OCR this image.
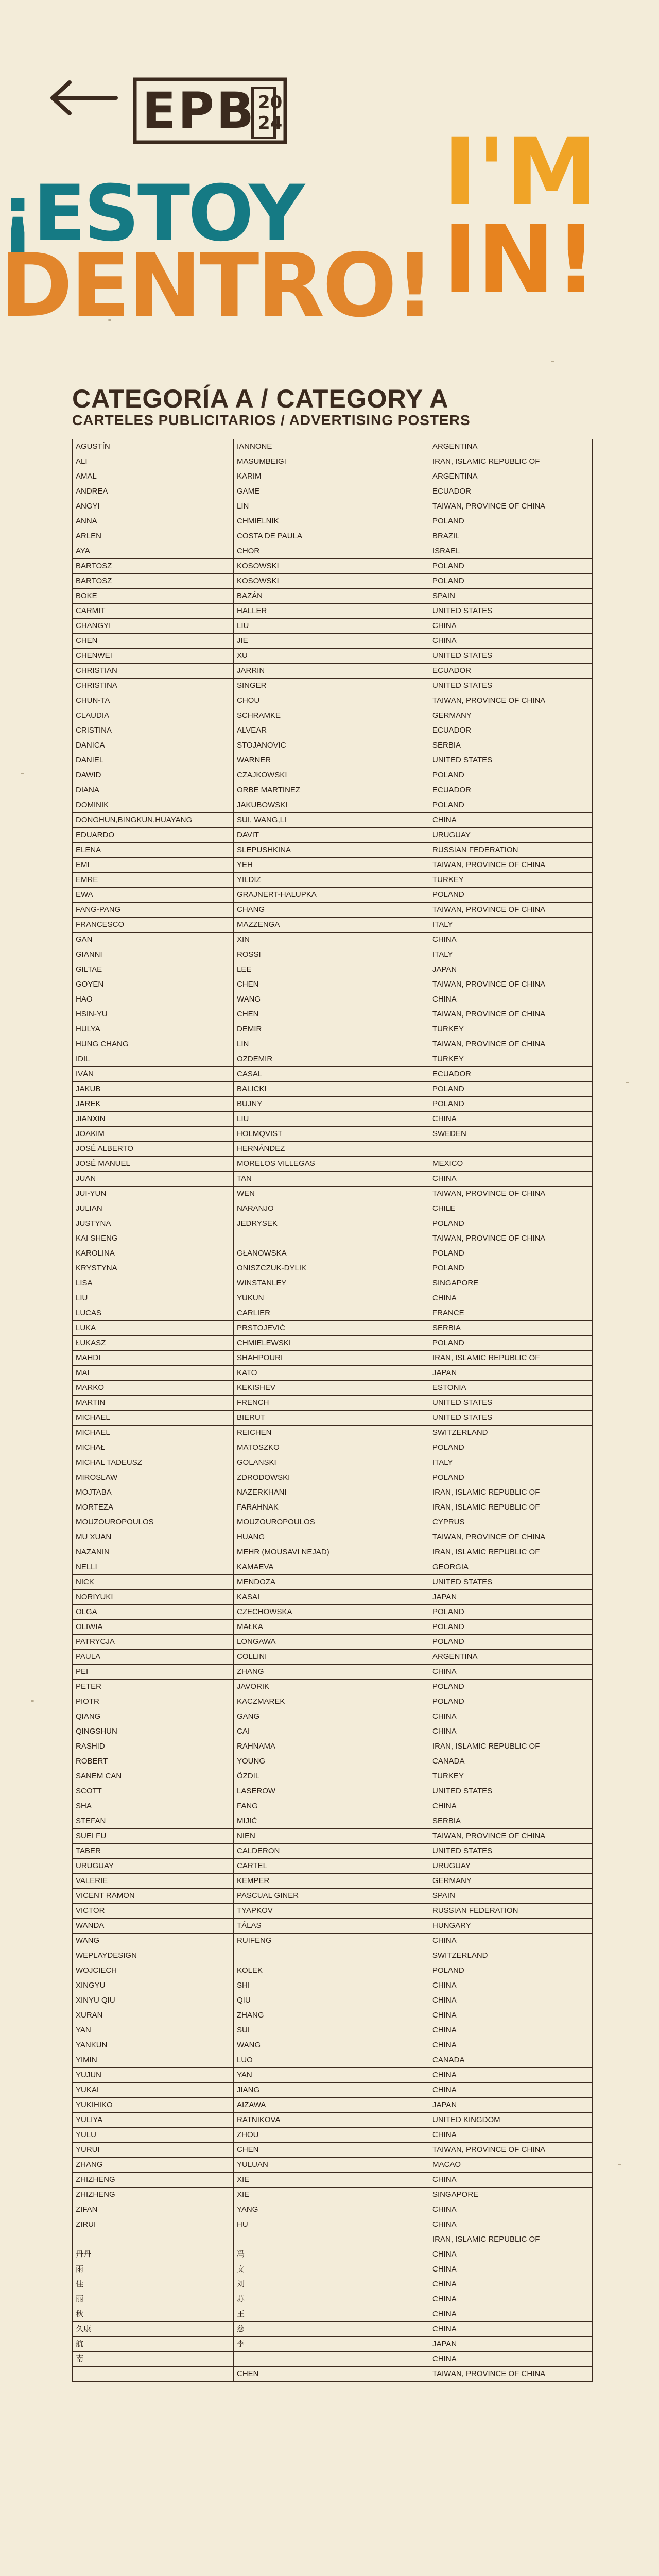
EPB 20
24
¡ESTOY
DENTRO!
I'M
IN!
CATEGORÍA A / CATEGORY A
CARTELES PUBLICITARIOS / ADVERTISING POSTERS
AGUSTÍN	IANNONE	ARGENTINA
ALI	MASUMBEIGI	IRAN, ISLAMIC REPUBLIC OF
AMAL	KARIM	ARGENTINA
ANDREA	GAME	ECUADOR
ANGYI	LIN	TAIWAN, PROVINCE OF CHINA
ANNA	CHMIELNIK	POLAND
ARLEN	COSTA DE PAULA	BRAZIL
AYA	CHOR	ISRAEL
BARTOSZ	KOSOWSKI	POLAND
BARTOSZ	KOSOWSKI	POLAND
BOKE	BAZÁN	SPAIN
CARMIT	HALLER	UNITED STATES
CHANGYI	LIU	CHINA
CHEN	JIE	CHINA
CHENWEI	XU	UNITED STATES
CHRISTIAN	JARRIN	ECUADOR
CHRISTINA	SINGER	UNITED STATES
CHUN-TA	CHOU	TAIWAN, PROVINCE OF CHINA
CLAUDIA	SCHRAMKE	GERMANY
CRISTINA	ALVEAR	ECUADOR
DANICA	STOJANOVIC	SERBIA
DANIEL	WARNER	UNITED STATES
DAWID	CZAJKOWSKI	POLAND
DIANA	ORBE MARTINEZ	ECUADOR
DOMINIK	JAKUBOWSKI	POLAND
DONGHUN,BINGKUN,HUAYANG	SUI, WANG,LI	CHINA
EDUARDO	DAVIT	URUGUAY
ELENA	SLEPUSHKINA	RUSSIAN FEDERATION
EMI	YEH	TAIWAN, PROVINCE OF CHINA
EMRE	YILDIZ	TURKEY
EWA	GRAJNERT-HALUPKA	POLAND
FANG-PANG	CHANG	TAIWAN, PROVINCE OF CHINA
FRANCESCO	MAZZENGA	ITALY
GAN	XIN	CHINA
GIANNI	ROSSI	ITALY
GILTAE	LEE	JAPAN
GOYEN	CHEN	TAIWAN, PROVINCE OF CHINA
HAO	WANG	CHINA
HSIN-YU	CHEN	TAIWAN, PROVINCE OF CHINA
HULYA	DEMIR	TURKEY
HUNG CHANG	LIN	TAIWAN, PROVINCE OF CHINA
IDIL	OZDEMIR	TURKEY
IVÁN	CASAL	ECUADOR
JAKUB	BALICKI	POLAND
JAREK	BUJNY	POLAND
JIANXIN	LIU	CHINA
JOAKIM	HOLMQVIST	SWEDEN
JOSÉ ALBERTO	HERNÁNDEZ	
JOSÉ MANUEL	MORELOS VILLEGAS	MEXICO
JUAN	TAN	CHINA
JUI-YUN	WEN	TAIWAN, PROVINCE OF CHINA
JULIAN	NARANJO	CHILE
JUSTYNA	JEDRYSEK	POLAND
KAI SHENG		TAIWAN, PROVINCE OF CHINA
KAROLINA	GŁANOWSKA	POLAND
KRYSTYNA	ONISZCZUK-DYLIK	POLAND
LISA	WINSTANLEY	SINGAPORE
LIU	YUKUN	CHINA
LUCAS	CARLIER	FRANCE
LUKA	PRSTOJEVIĆ	SERBIA
ŁUKASZ	CHMIELEWSKI	POLAND
MAHDI	SHAHPOURI	IRAN, ISLAMIC REPUBLIC OF
MAI	KATO	JAPAN
MARKO	KEKISHEV	ESTONIA
MARTIN	FRENCH	UNITED STATES
MICHAEL	BIERUT	UNITED STATES
MICHAEL	REICHEN	SWITZERLAND
MICHAŁ	MATOSZKO	POLAND
MICHAL TADEUSZ	GOLANSKI	ITALY
MIROSLAW	ZDRODOWSKI	POLAND
MOJTABA	NAZERKHANI	IRAN, ISLAMIC REPUBLIC OF
MORTEZA	FARAHNAK	IRAN, ISLAMIC REPUBLIC OF
MOUZOUROPOULOS	MOUZOUROPOULOS	CYPRUS
MU XUAN	HUANG	TAIWAN, PROVINCE OF CHINA
NAZANIN	MEHR (MOUSAVI NEJAD)	IRAN, ISLAMIC REPUBLIC OF
NELLI	KAMAEVA	GEORGIA
NICK	MENDOZA	UNITED STATES
NORIYUKI	KASAI	JAPAN
OLGA	CZECHOWSKA	POLAND
OLIWIA	MAŁKA	POLAND
PATRYCJA	LONGAWA	POLAND
PAULA	COLLINI	ARGENTINA
PEI	ZHANG	CHINA
PETER	JAVORIK	POLAND
PIOTR	KACZMAREK	POLAND
QIANG	GANG	CHINA
QINGSHUN	CAI	CHINA
RASHID	RAHNAMA	IRAN, ISLAMIC REPUBLIC OF
ROBERT	YOUNG	CANADA
SANEM CAN	ÖZDIL	TURKEY
SCOTT	LASEROW	UNITED STATES
SHA	FANG	CHINA
STEFAN	MIJIĆ	SERBIA
SUEI FU	NIEN	TAIWAN, PROVINCE OF CHINA
TABER	CALDERON	UNITED STATES
URUGUAY	CARTEL	URUGUAY
VALERIE	KEMPER	GERMANY
VICENT RAMON	PASCUAL GINER	SPAIN
VICTOR	TYAPKOV	RUSSIAN FEDERATION
WANDA	TÁLAS	HUNGARY
WANG	RUIFENG	CHINA
WEPLAYDESIGN		SWITZERLAND
WOJCIECH	KOLEK	POLAND
XINGYU	SHI	CHINA
XINYU QIU	QIU	CHINA
XURAN	ZHANG	CHINA
YAN	SUI	CHINA
YANKUN	WANG	CHINA
YIMIN	LUO	CANADA
YUJUN	YAN	CHINA
YUKAI	JIANG	CHINA
YUKIHIKO	AIZAWA	JAPAN
YULIYA	RATNIKOVA	UNITED KINGDOM
YULU	ZHOU	CHINA
YURUI	CHEN	TAIWAN, PROVINCE OF CHINA
ZHANG	YULUAN	MACAO
ZHIZHENG	XIE	CHINA
ZHIZHENG	XIE	SINGAPORE
ZIFAN	YANG	CHINA
ZIRUI	HU	CHINA
		IRAN, ISLAMIC REPUBLIC OF
丹丹	冯	CHINA
雨	文	CHINA
佳	刘	CHINA
丽	苏	CHINA
秋	王	CHINA
久康	慈	CHINA
航	李	JAPAN
南		CHINA
	CHEN	TAIWAN, PROVINCE OF CHINA
